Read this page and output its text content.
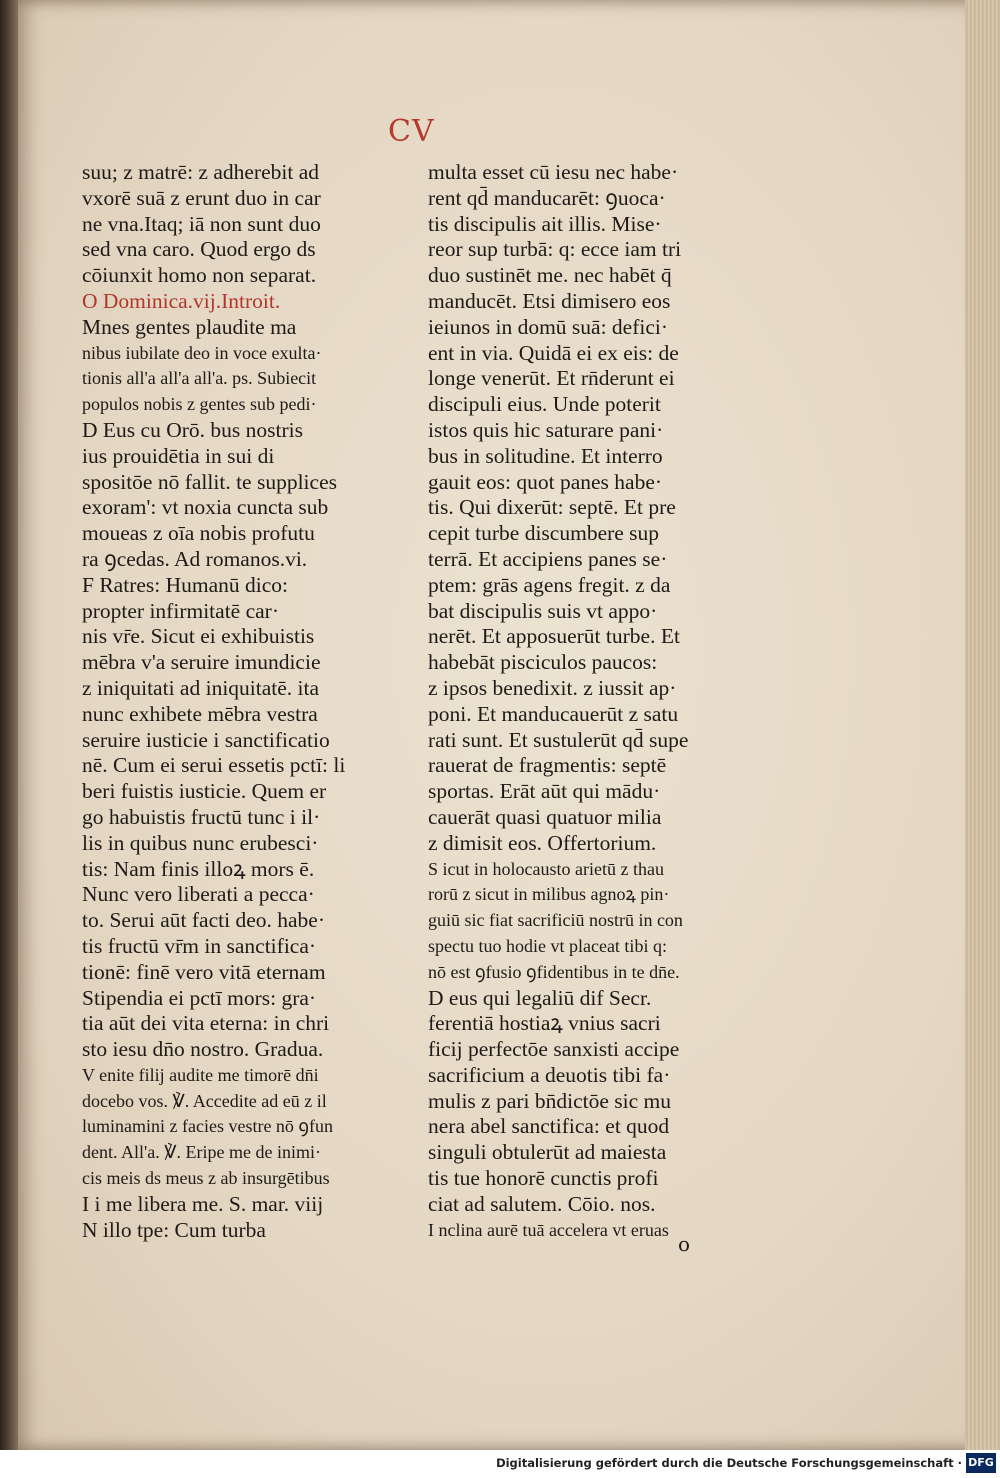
CV
suu; z matrē: z adherebit ad
vxorē suā z erunt duo in car
ne vna.Itaq; iā non sunt duo
sed vna caro. Quod ergo ds
cōiunxit homo non separat.
O Dominica.vij.Introit.
Mnes gentes plaudite ma
nibus iubilate deo in voce exulta·
tionis all'a all'a all'a. ps. Subiecit
populos nobis z gentes sub pedi·
D Eus cu Orō. bus nostris
ius prouidētia in sui di
spositōe nō fallit. te supplices
exoram': vt noxia cuncta sub
moueas z oīa nobis profutu
ra ꝯcedas. Ad romanos.vi.
F Ratres: Humanū dico:
propter infirmitatē car·
nis vr̄e. Sicut ei exhibuistis
mēbra v'a seruire imundicie
z iniquitati ad iniquitatē. ita
nunc exhibete mēbra vestra
seruire iusticie i sanctificatio
nē. Cum ei serui essetis pctī: li
beri fuistis iusticie. Quem er
go habuistis fructū tunc i il·
lis in quibus nunc erubesci·
tis: Nam finis illoꝝ mors ē.
Nunc vero liberati a pecca·
to. Serui aūt facti deo. habe·
tis fructū vr̄m in sanctifica·
tionē: finē vero vitā eternam
Stipendia ei pctī mors: gra·
tia aūt dei vita eterna: in chri
sto iesu dn̄o nostro. Gradua.
V enite filij audite me timorē dn̄i
docebo vos. ℣. Accedite ad eū z il
luminamini z facies vestre nō ꝯfun
dent. All'a. ℣. Eripe me de inimi·
cis meis ds meus z ab insurgētibus
I i me libera me. S. mar. viij
N illo tpe: Cum turba
multa esset cū iesu nec habe·
rent qd̄ manducarēt: ꝯuoca·
tis discipulis ait illis. Mise·
reor sup turbā: q: ecce iam tri
duo sustinēt me. nec habēt q̄
manducēt. Etsi dimisero eos
ieiunos in domū suā: defici·
ent in via. Quidā ei ex eis: de
longe venerūt. Et rn̄derunt ei
discipuli eius. Unde poterit
istos quis hic saturare pani·
bus in solitudine. Et interro
gauit eos: quot panes habe·
tis. Qui dixerūt: septē. Et pre
cepit turbe discumbere sup
terrā. Et accipiens panes se·
ptem: grās agens fregit. z da
bat discipulis suis vt appo·
nerēt. Et apposuerūt turbe. Et
habebāt pisciculos paucos:
z ipsos benedixit. z iussit ap·
poni. Et manducauerūt z satu
rati sunt. Et sustulerūt qd̄ supe
rauerat de fragmentis: septē
sportas. Erāt aūt qui mādu·
cauerāt quasi quatuor milia
z dimisit eos. Offertorium.
S icut in holocausto arietū z thau
rorū z sicut in milibus agnoꝝ pin·
guiū sic fiat sacrificiū nostrū in con
spectu tuo hodie vt placeat tibi q:
nō est ꝯfusio ꝯfidentibus in te dn̄e.
D eus qui legaliū dif Secr.
ferentiā hostiaꝝ vnius sacri
ficij perfectōe sanxisti accipe
sacrificium a deuotis tibi fa·
mulis z pari bn̄dictōe sic mu
nera abel sanctifica: et quod
singuli obtulerūt ad maiesta
tis tue honorē cunctis profi
ciat ad salutem. Cōio. nos.
I nclina aurē tuā accelera vt eruas
o
Digitalisierung gefördert durch die Deutsche Forschungsgemeinschaft · DFG
